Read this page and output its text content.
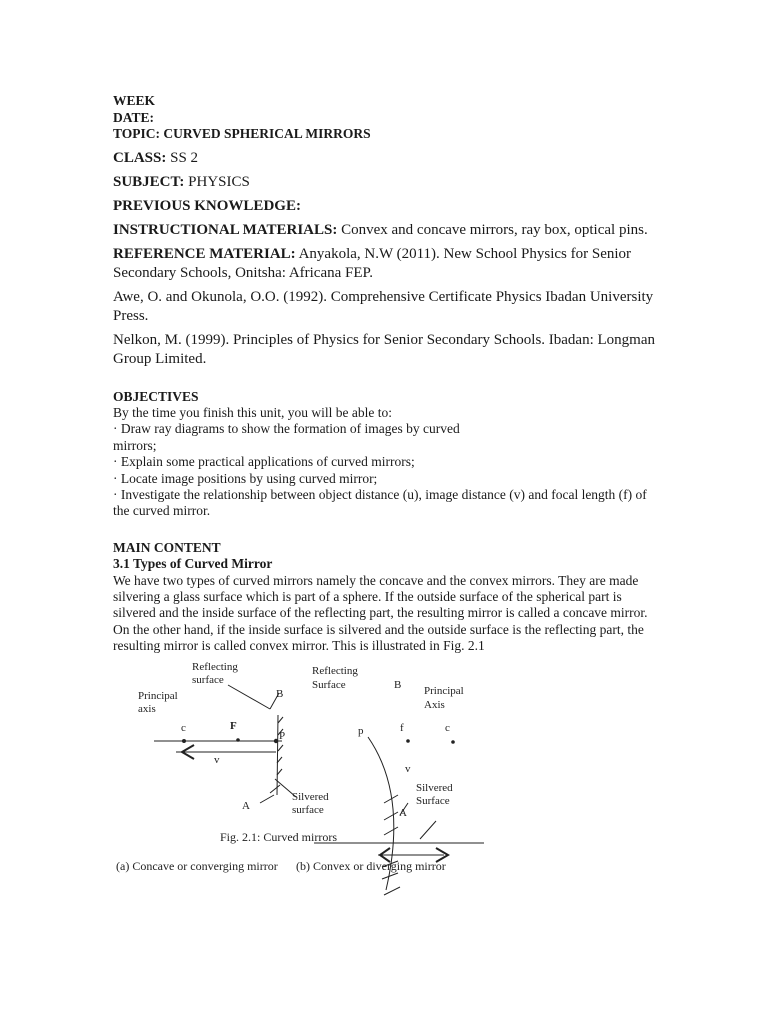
WEEK
DATE:
TOPIC: CURVED SPHERICAL MIRRORS
CLASS: SS 2
SUBJECT: PHYSICS
PREVIOUS KNOWLEDGE:
INSTRUCTIONAL MATERIALS: Convex and concave mirrors, ray box, optical pins.
REFERENCE MATERIAL: Anyakola, N.W (2011). New School Physics for Senior Secondary Schools, Onitsha: Africana FEP.
Awe, O. and Okunola, O.O. (1992). Comprehensive Certificate Physics Ibadan University Press.
Nelkon, M. (1999). Principles of Physics for Senior Secondary Schools. Ibadan: Longman Group Limited.
OBJECTIVES
By the time you finish this unit, you will be able to:
· Draw ray diagrams to show the formation of images by curved
mirrors;
· Explain some practical applications of curved mirrors;
· Locate image positions by using curved mirror;
· Investigate the relationship between object distance (u), image distance (v) and focal length (f) of the curved mirror.
MAIN CONTENT
3.1 Types of Curved Mirror
We have two types of curved mirrors namely the concave and the convex mirrors. They are made silvering a glass surface which is part of a sphere. If the outside surface of the spherical part is silvered and the inside surface of the reflecting part, the resulting mirror is called a concave mirror. On the other hand, if the inside surface is silvered and the outside surface is the reflecting part, the resulting mirror is called convex mirror. This is illustrated in Fig. 2.1
Reflecting
surface
Principal
axis
c	F
P
B
v
A
Silvered
surface
Reflecting
Surface	B Principal
Axis
p	f	c
v
Silvered
Surface
A
Fig. 2.1: Curved mirrors
(a) Concave or converging mirror (b) Convex or diverging mirror
